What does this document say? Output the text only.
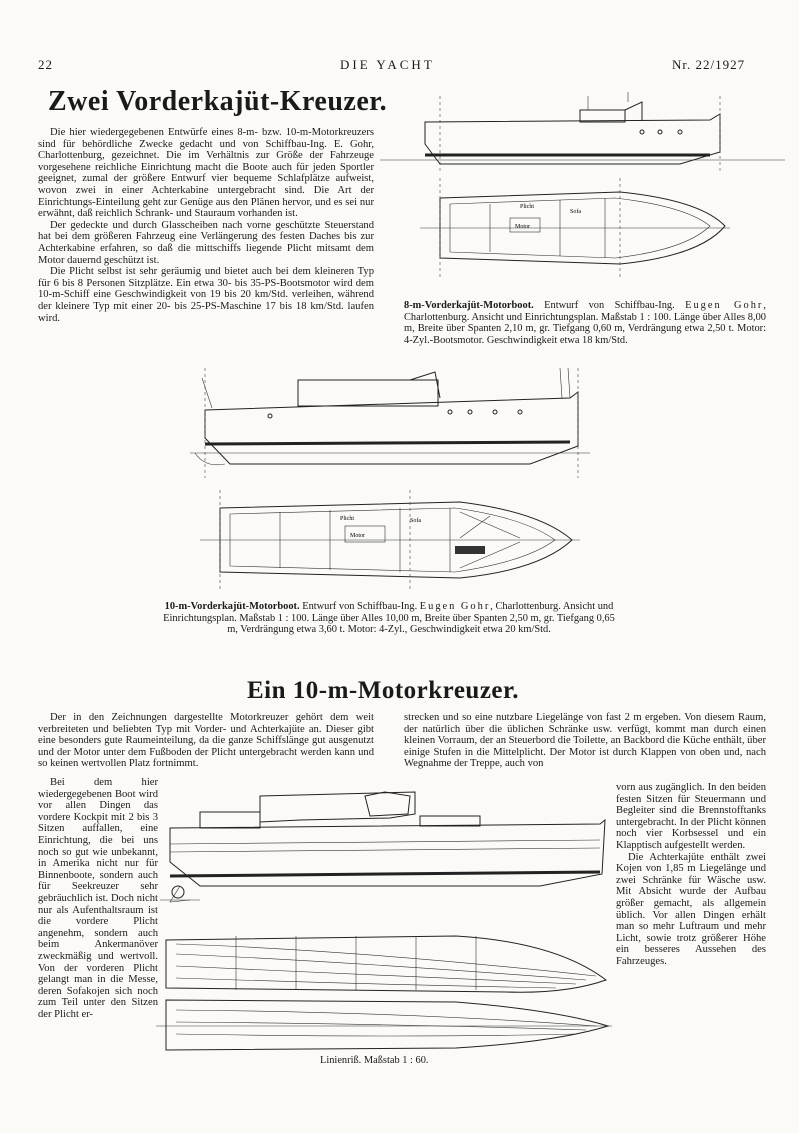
22	DIE YACHT	Nr. 22/1927
Zwei Vorderkajüt-Kreuzer.

Die hier wiedergegebenen Entwürfe eines 8-m- bzw. 10-m-Motorkreuzers sind für behördliche Zwecke gedacht und von Schiffbau-Ing. E. Gohr, Charlottenburg, gezeichnet. Die im Verhältnis zur Größe der Fahrzeuge vorgesehene reichliche Einrichtung macht die Boote auch für jeden Sportler geeignet, zumal der größere Entwurf vier bequeme Schlafplätze aufweist, wovon zwei in einer Achterkabine untergebracht sind. Die Art der Einrichtungs-Einteilung geht zur Genüge aus den Plänen hervor, und es sei nur erwähnt, daß reichlich Schrank- und Stauraum vorhanden ist.

Der gedeckte und durch Glasscheiben nach vorne geschützte Steuerstand hat bei dem größeren Fahrzeug eine Verlängerung des festen Daches bis zur Achterkabine erfahren, so daß die mittschiffs liegende Plicht mitsamt dem Motor dauernd geschützt ist.

Die Plicht selbst ist sehr geräumig und bietet auch bei dem kleineren Typ für 6 bis 8 Personen Sitzplätze. Ein etwa 30- bis 35-PS-Bootsmotor wird dem 10-m-Schiff eine Geschwindigkeit von 19 bis 20 km/Std. verleihen, während der kleinere Typ mit einer 20- bis 25-PS-Maschine 17 bis 18 km/Std. laufen wird.

Plicht
Sofa
Motor
8-m-Vorderkajüt-Motorboot. Entwurf von Schiffbau-Ing. Eugen Gohr, Charlottenburg. Ansicht und Einrichtungsplan. Maßstab 1 : 100. Länge über Alles 8,00 m, Breite über Spanten 2,10 m, gr. Tiefgang 0,60 m, Verdrängung etwa 2,50 t. Motor: 4-Zyl.-Bootsmotor. Geschwindigkeit etwa 18 km/Std.
Plicht	Sofa
Motor
10-m-Vorderkajüt-Motorboot. Entwurf von Schiffbau-Ing. Eugen Gohr, Charlottenburg. Ansicht und Einrichtungsplan. Maßstab 1 : 100. Länge über Alles 10,00 m, Breite über Spanten 2,50 m, gr. Tiefgang 0,65 m, Verdrängung etwa 3,60 t. Motor: 4-Zyl., Geschwindigkeit etwa 20 km/Std.
Ein 10-m-Motorkreuzer.
Der in den Zeichnungen dargestellte Motorkreuzer gehört dem weit verbreiteten und beliebten Typ mit Vorder- und Achterkajüte an. Dieser gibt eine besonders gute Raumeinteilung, da die ganze Schiffslänge gut ausgenutzt und der Motor unter dem Fußboden der Plicht untergebracht werden kann und so keinen wertvollen Platz fortnimmt.
Bei dem hier wiedergegebenen Boot wird vor allen Dingen das vordere Kockpit mit 2 bis 3 Sitzen auffallen, eine Einrichtung, die bei uns noch so gut wie unbekannt, in Amerika nicht nur für Binnenboote, sondern auch für Seekreuzer sehr gebräuchlich ist. Doch nicht nur als Aufenthaltsraum ist die vordere Plicht angenehm, sondern auch beim Ankermanöver zweckmäßig und wertvoll. Von der vorderen Plicht gelangt man in die Messe, deren Sofakojen sich noch zum Teil unter den Sitzen der Plicht er-
strecken und so eine nutzbare Liegelänge von fast 2 m ergeben. Von diesem Raum, der natürlich über die üblichen Schränke usw. verfügt, kommt man durch einen kleinen Vorraum, der an Steuerbord die Toilette, an Backbord die Küche enthält, über einige Stufen in die Mittelplicht. Der Motor ist durch Klappen von oben und, nach Wegnahme der Treppe, auch von

vorn aus zugänglich. In den beiden festen Sitzen für Steuermann und Begleiter sind die Brennstofftanks untergebracht. In der Plicht können noch vier Korbsessel und ein Klapptisch aufgestellt werden.

Die Achterkajüte enthält zwei Kojen von 1,85 m Liegelänge und zwei Schränke für Wäsche usw. Mit Absicht wurde der Aufbau größer gemacht, als allgemein üblich. Vor allen Dingen erhält man so mehr Luftraum und mehr Licht, sowie trotz größerer Höhe ein besseres Aussehen des Fahrzeuges.

Linienriß. Maßstab 1 : 60.
